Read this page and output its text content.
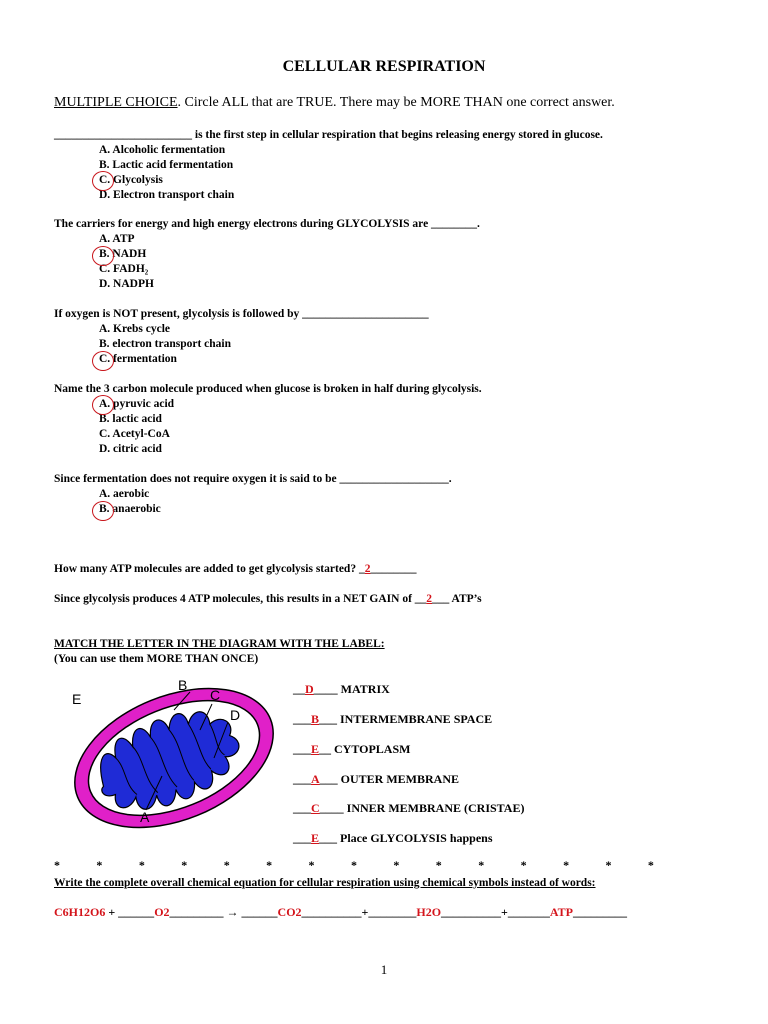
CELLULAR RESPIRATION
MULTIPLE CHOICE. Circle ALL that are TRUE. There may be MORE THAN one correct answer.
________________________ is the first step in cellular respiration that begins releasing energy stored in glucose.
A. Alcoholic fermentation
B. Lactic acid fermentation
C. Glycolysis
D. Electron transport chain
The carriers for energy and high energy electrons during GLYCOLYSIS are ________.
A. ATP
B. NADH
C. FADH₂
D. NADPH
If oxygen is NOT present, glycolysis is followed by ______________________
A. Krebs cycle
B. electron transport chain
C. fermentation
Name the 3 carbon molecule produced when glucose is broken in half during glycolysis.
A. pyruvic acid
B. lactic acid
C. Acetyl-CoA
D. citric acid
Since fermentation does not require oxygen it is said to be ___________________.
A. aerobic
B. anaerobic
How many ATP molecules are added to get glycolysis started? _2________
Since glycolysis produces 4 ATP molecules, this results in a NET GAIN of __2___ ATP’s
MATCH THE LETTER IN THE DIAGRAM WITH THE LABEL:
(You can use them MORE THAN ONCE)
E
B
C
D
A
__D____ MATRIX
___B___ INTERMEMBRANE SPACE
___E__ CYTOPLASM
___A___ OUTER MEMBRANE
___C____ INNER MEMBRANE (CRISTAE)
___E___ Place GLYCOLYSIS happens
*	*	*	*	*	*	*	*	*	*	*	*	*	*	*
Write the complete overall chemical equation for cellular respiration using chemical symbols instead of words:
C6H12O6 + ______O2_________ → ______CO2__________+________H2O__________+_______ATP_________
1
